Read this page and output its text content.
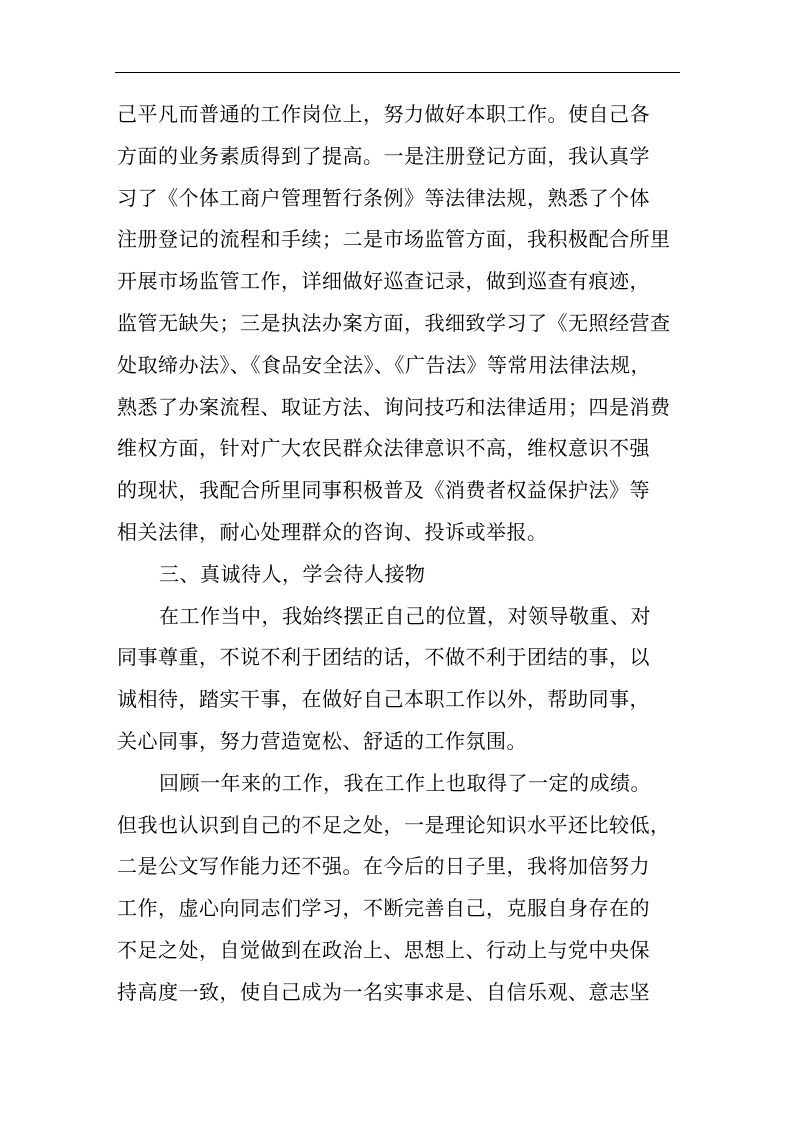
己平凡而普通的工作岗位上，努力做好本职工作。使自己各
方面的业务素质得到了提高。一是注册登记方面，我认真学
习了《个体工商户管理暂行条例》等法律法规，熟悉了个体
注册登记的流程和手续；二是市场监管方面，我积极配合所里
开展市场监管工作，详细做好巡查记录，做到巡查有痕迹，
监管无缺失；三是执法办案方面，我细致学习了《无照经营查
处取缔办法》、《食品安全法》、《广告法》等常用法律法规，
熟悉了办案流程、取证方法、询问技巧和法律适用；四是消费
维权方面，针对广大农民群众法律意识不高，维权意识不强
的现状，我配合所里同事积极普及《消费者权益保护法》等
相关法律，耐心处理群众的咨询、投诉或举报。
三、真诚待人，学会待人接物
在工作当中，我始终摆正自己的位置，对领导敬重、对
同事尊重，不说不利于团结的话，不做不利于团结的事，以
诚相待，踏实干事，在做好自己本职工作以外，帮助同事，
关心同事，努力营造宽松、舒适的工作氛围。
回顾一年来的工作，我在工作上也取得了一定的成绩。
但我也认识到自己的不足之处，一是理论知识水平还比较低，
二是公文写作能力还不强。在今后的日子里，我将加倍努力
工作，虚心向同志们学习，不断完善自己，克服自身存在的
不足之处，自觉做到在政治上、思想上、行动上与党中央保
持高度一致，使自己成为一名实事求是、自信乐观、意志坚
